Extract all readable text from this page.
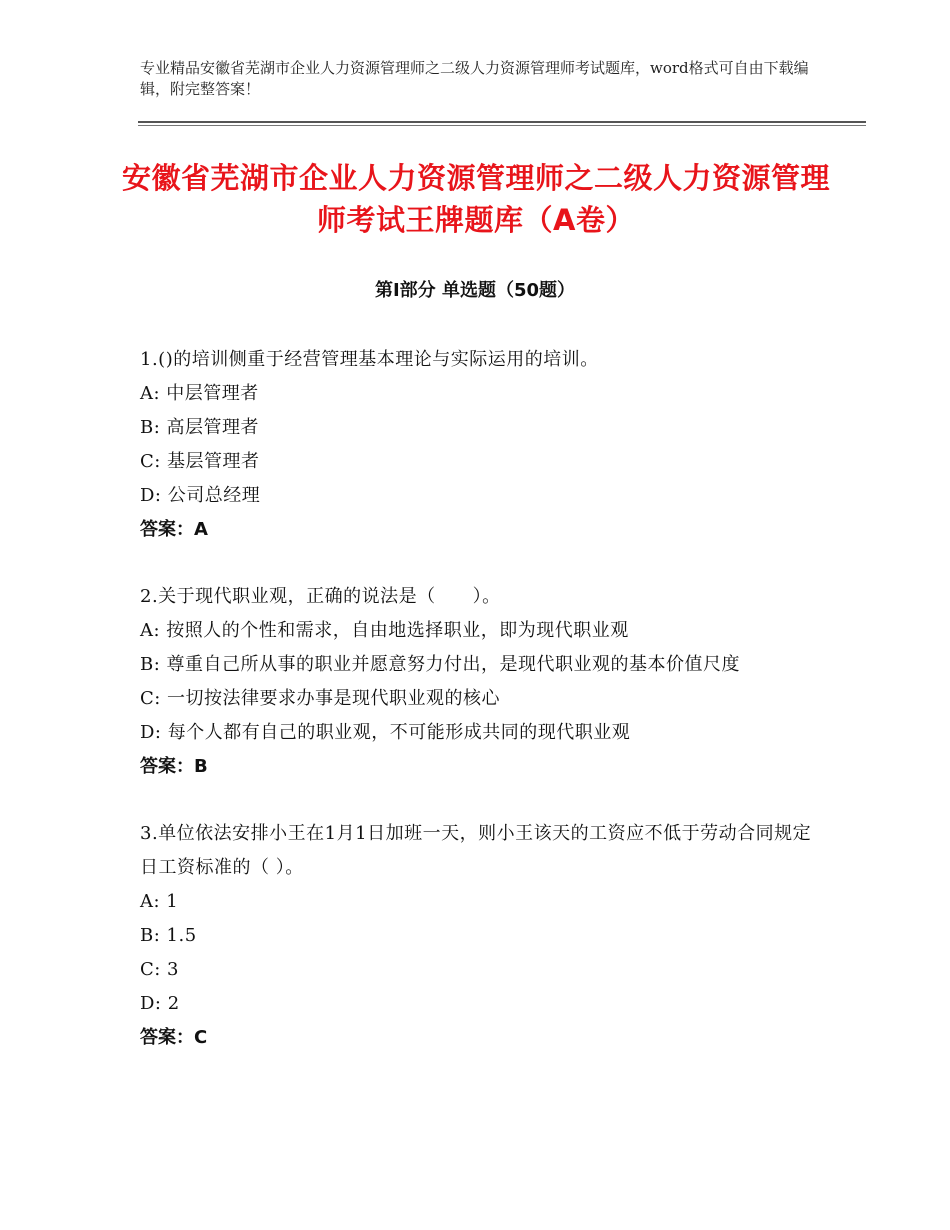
专业精品安徽省芜湖市企业人力资源管理师之二级人力资源管理师考试题库，word格式可自由下载编辑，附完整答案！
安徽省芜湖市企业人力资源管理师之二级人力资源管理师考试王牌题库（A卷）
第Ⅰ部分 单选题（50题）
1.()的培训侧重于经营管理基本理论与实际运用的培训。
A: 中层管理者
B: 高层管理者
C: 基层管理者
D: 公司总经理
答案：A
2.关于现代职业观，正确的说法是（　　）。
A: 按照人的个性和需求，自由地选择职业，即为现代职业观
B: 尊重自己所从事的职业并愿意努力付出，是现代职业观的基本价值尺度
C: 一切按法律要求办事是现代职业观的核心
D: 每个人都有自己的职业观，不可能形成共同的现代职业观
答案：B
3.单位依法安排小王在1月1日加班一天，则小王该天的工资应不低于劳动合同规定日工资标准的（ ）。
A: 1
B: 1.5
C: 3
D: 2
答案：C
